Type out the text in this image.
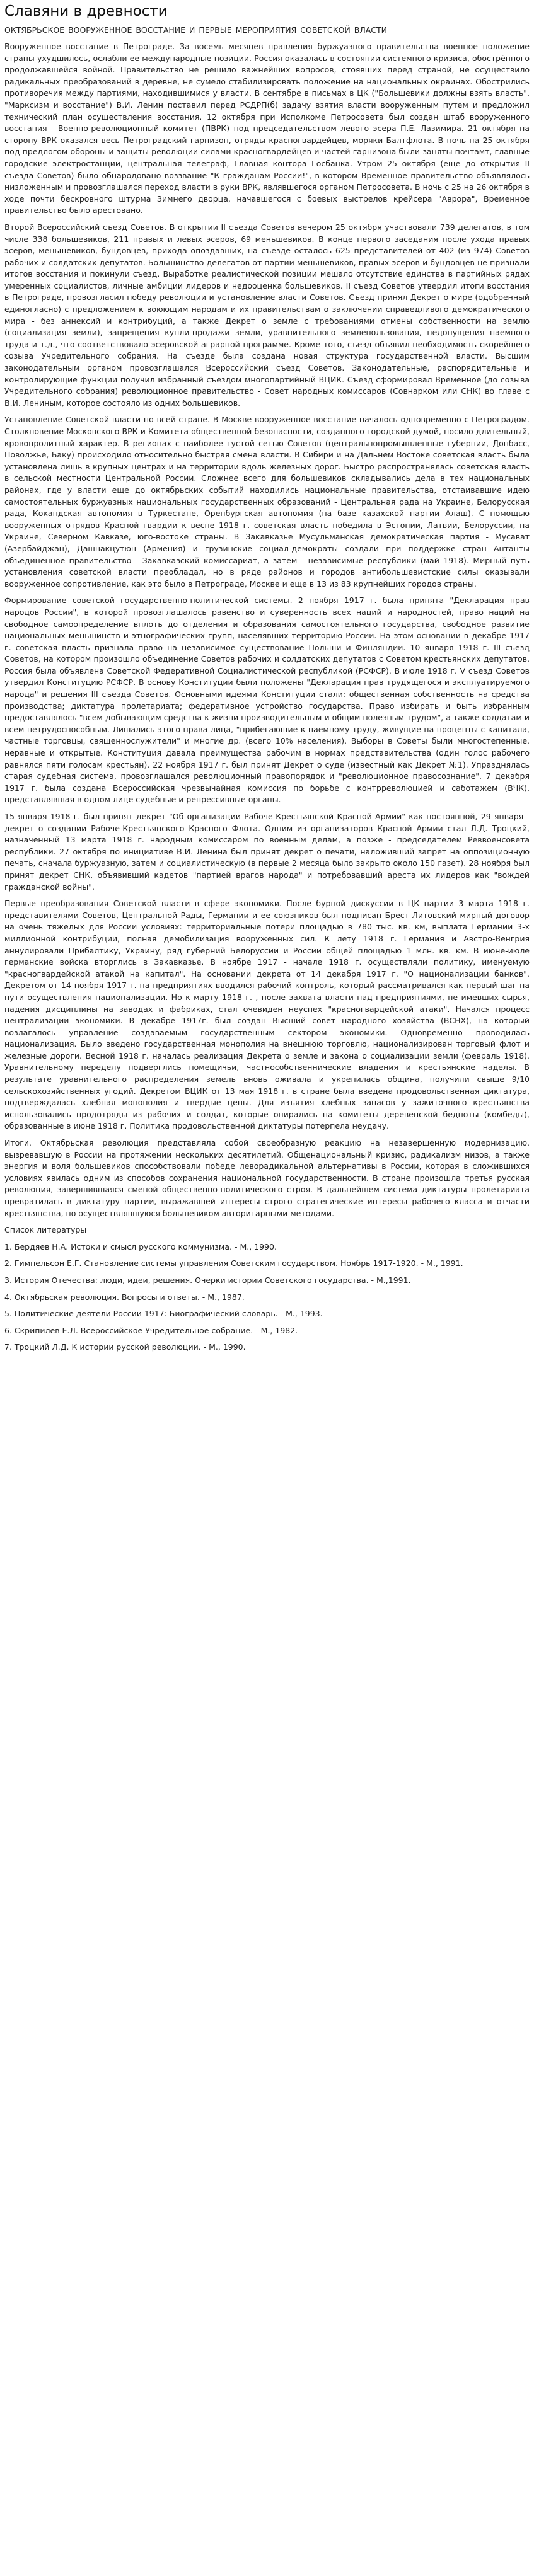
Славяни в древности
ОКТЯБРЬСКОЕ ВООРУЖЕННОЕ ВОССТАНИЕ И ПЕРВЫЕ МЕРОПРИЯТИЯ СОВЕТСКОЙ ВЛАСТИ

Вооруженное восстание в Петрограде. За восемь месяцев правления буржуазного правительства военное положение страны ухудшилось, ослабли ее международные позиции. Россия оказалась в состоянии системного кризиса, обострённого продолжавшейся войной. Правительство не решило важнейших вопросов, стоявших перед страной, не осуществило радикальных преобразований в деревне, не сумело стабилизировать положение на национальных окраинах. Обострились противоречия между партиями, находившимися у власти. В сентябре в письмах в ЦК ("Большевики должны взять власть", "Марксизм и восстание") В.И. Ленин поставил перед РСДРП(б) задачу взятия власти вооруженным путем и предложил технический план осуществления восстания. 12 октября при Исполкоме Петросовета был создан штаб вооруженного восстания - Военно-революционный комитет (ПВРК) под председательством левого эсера П.Е. Лазимира. 21 октября на сторону ВРК оказался весь Петроградский гарнизон, отряды красногвардейцев, моряки Балтфлота. В ночь на 25 октября под предлогом обороны и защиты революции силами красногвардейцев и частей гарнизона были заняты почтамт, главные городские электростанции, центральная телеграф, Главная контора Госбанка. Утром 25 октября (еще до открытия II съезда Советов) было обнародовано воззвание "К гражданам России!", в котором Временное правительство объявлялось низложенным и провозглашался переход власти в руки ВРК, являвшегося органом Петросовета. В ночь с 25 на 26 октября в ходе почти бескровного штурма Зимнего дворца, начавшегося с боевых выстрелов крейсера "Аврора", Временное правительство было арестовано.

Второй Всероссийский съезд Советов. В открытии II съезда Советов вечером 25 октября участвовали 739 делегатов, в том числе 338 большевиков, 211 правых и левых эсеров, 69 меньшевиков. В конце первого заседания после ухода правых эсеров, меньшевиков, бундовцев, прихода опоздавших, на съезде осталось 625 представителей от 402 (из 974) Советов рабочих и солдатских депутатов. Большинство делегатов от партии меньшевиков, правых эсеров и бундовцев не признали итогов восстания и покинули съезд. Выработке реалистической позиции мешало отсутствие единства в партийных рядах умеренных социалистов, личные амбиции лидеров и недооценка большевиков. II съезд Советов утвердил итоги восстания в Петрограде, провозгласил победу революции и установление власти Советов. Съезд принял Декрет о мире (одобренный единогласно) с предложением к воюющим народам и их правительствам о заключении справедливого демократического мира - без аннексий и контрибуций, а также Декрет о земле с требованиями отмены собственности на землю (социализация земли), запрещения купли-продажи земли, уравнительного землепользования, недопущения наемного труда и т.д., что соответствовало эсеровской аграрной программе. Кроме того, съезд объявил необходимость скорейшего созыва Учредительного собрания. На съезде была создана новая структура государственной власти. Высшим законодательным органом провозглашался Всероссийский съезд Советов. Законодательные, распорядительные и контролирующие функции получил избранный съездом многопартийный ВЦИК. Съезд сформировал Временное (до созыва Учредительного собрания) революционное правительство - Совет народных комиссаров (Совнарком или СНК) во главе с В.И. Лениным, которое состояло из одних большевиков.

Установление Советской власти по всей стране. В Москве вооруженное восстание началось одновременно с Петроградом. Столкновение Московского ВРК и Комитета общественной безопасности, созданного городской думой, носило длительный, кровопролитный характер. В регионах с наиболее густой сетью Советов (центральнопромышленные губернии, Донбасс, Поволжье, Баку) происходило относительно быстрая смена власти. В Сибири и на Дальнем Востоке советская власть была установлена лишь в крупных центрах и на территории вдоль железных дорог. Быстро распространялась советская власть в сельской местности Центральной России. Сложнее всего для большевиков складывались дела в тех национальных районах, где у власти еще до октябрьских событий находились национальные правительства, отстаивавшие идею самостоятельных буржуазных национальных государственных образований - Центральная рада на Украине, Белорусская рада, Кокандская автономия в Туркестане, Оренбургская автономия (на базе казахской партии Алаш). С помощью вооруженных отрядов Красной гвардии к весне 1918 г. советская власть победила в Эстонии, Латвии, Белоруссии, на Украине, Северном Кавказе, юго-востоке страны. В Закавказье Мусульманская демократическая партия - Мусават (Азербайджан), Дашнакцутюн (Армения) и грузинские социал-демократы создали при поддержке стран Антанты объединенное правительство - Закавказский комиссариат, а затем - независимые республики (май 1918). Мирный путь установления советской власти преобладал, но в ряде районов и городов антибольшевистские силы оказывали вооруженное сопротивление, как это было в Петрограде, Москве и еще в 13 из 83 крупнейших городов страны.

Формирование советской государственно-политической системы. 2 ноября 1917 г. была принята "Декларация прав народов России", в которой провозглашалось равенство и суверенность всех наций и народностей, право наций на свободное самоопределение вплоть до отделения и образования самостоятельного государства, свободное развитие национальных меньшинств и этнографических групп, населявших территорию России. На этом основании в декабре 1917 г. советская власть признала право на независимое существование Польши и Финляндии. 10 января 1918 г. III съезд Советов, на котором произошло объединение Советов рабочих и солдатских депутатов с Советом крестьянских депутатов, Россия была объявлена Советской Федеративной Социалистической республикой (РСФСР). В июле 1918 г. V съезд Советов утвердил Конституцию РСФСР. В основу Конституции были положены "Декларация прав трудящегося и эксплуатируемого народа" и решения III съезда Советов. Основными идеями Конституции стали: общественная собственность на средства производства; диктатура пролетариата; федеративное устройство государства. Право избирать и быть избранным предоставлялось "всем добывающим средства к жизни производительным и общим полезным трудом", а также солдатам и всем нетрудоспособным. Лишались этого права лица, "прибегающие к наемному труду, живущие на проценты с капитала, частные торговцы, священнослужители" и многие др. (всего 10% населения). Выборы в Советы были многостепенные, неравные и открытые. Конституция давала преимущества рабочим в нормах представительства (один голос рабочего равнялся пяти голосам крестьян). 22 ноября 1917 г. был принят Декрет о суде (известный как Декрет №1). Упразднялась старая судебная система, провозглашался революционный правопорядок и "революционное правосознание". 7 декабря 1917 г. была создана Всероссийская чрезвычайная комиссия по борьбе с контрреволюцией и саботажем (ВЧК), представлявшая в одном лице судебные и репрессивные органы.

15 января 1918 г. был принят декрет "Об организации Рабоче-Крестьянской Красной Армии" как постоянной, 29 января - декрет о создании Рабоче-Крестьянского Красного Флота. Одним из организаторов Красной Армии стал Л.Д. Троцкий, назначенный 13 марта 1918 г. народным комиссаром по военным делам, а позже - председателем Реввоенсовета республики. 27 октября по инициативе В.И. Ленина был принят декрет о печати, наложивший запрет на оппозиционную печать, сначала буржуазную, затем и социалистическую (в первые 2 месяца было закрыто около 150 газет). 28 ноября был принят декрет СНК, объявивший кадетов "партией врагов народа" и потребовавший ареста их лидеров как "вождей гражданской войны".

Первые преобразования Советской власти в сфере экономики. После бурной дискуссии в ЦК партии 3 марта 1918 г. представителями Советов, Центральной Рады, Германии и ее союзников был подписан Брест-Литовский мирный договор на очень тяжелых для России условиях: территориальные потери площадью в 780 тыс. кв. км, выплата Германии 3-х миллионной контрибуции, полная демобилизация вооруженных сил. К лету 1918 г. Германия и Австро-Венгрия аннулировали Прибалтику, Украину, ряд губерний Белоруссии и России общей площадью 1 млн. кв. км. В июне-июле германские войска вторглись в Закавказье. В ноябре 1917 - начале 1918 г. осуществляли политику, именуемую "красногвардейской атакой на капитал". На основании декрета от 14 декабря 1917 г. "О национализации банков". Декретом от 14 ноября 1917 г. на предприятиях вводился рабочий контроль, который рассматривался как первый шаг на пути осуществления национализации. Но к марту 1918 г. , после захвата власти над предприятиями, не имевших сырья, падения дисциплины на заводах и фабриках, стал очевиден неуспех "красногвардейской атаки". Начался процесс централизации экономики. В декабре 1917г. был создан Высший совет народного хозяйства (ВСНХ), на который возлагалось управление создаваемым государственным сектором экономики. Одновременно проводилась национализация. Было введено государственная монополия на внешнюю торговлю, национализирован торговый флот и железные дороги. Весной 1918 г. началась реализация Декрета о земле и закона о социализации земли (февраль 1918). Уравнительному переделу подверглись помещичьи, частнособственнические владения и крестьянские наделы. В результате уравнительного распределения земель вновь оживала и укрепилась община, получили свыше 9/10 сельскохозяйственных угодий. Декретом ВЦИК от 13 мая 1918 г. в стране была введена продовольственная диктатура, подтверждалась хлебная монополия и твердые цены. Для изъятия хлебных запасов у зажиточного крестьянства использовались продотряды из рабочих и солдат, которые опирались на комитеты деревенской бедноты (комбеды), образованные в июне 1918 г. Политика продовольственной диктатуры потерпела неудачу.

Итоги. Октябрьская революция представляла собой своеобразную реакцию на незавершенную модернизацию, вызревавшую в России на протяжении нескольких десятилетий. Общенациональный кризис, радикализм низов, а также энергия и воля большевиков способствовали победе леворадикальной альтернативы в России, которая в сложившихся условиях явилась одним из способов сохранения национальной государственности. В стране произошла третья русская революция, завершившаяся сменой общественно-политического строя. В дальнейшем система диктатуры пролетариата превратилась в диктатуру партии, выражавшей интересы строго стратегические интересы рабочего класса и отчасти крестьянства, но осуществлявшуюся большевиком авторитарными методами.

Список литературы
1. Бердяев Н.А. Истоки и смысл русского коммунизма. - М., 1990.
2. Гимпельсон Е.Г. Становление системы управления Советским государством. Ноябрь 1917-1920. - М., 1991.
3. История Отечества: люди, идеи, решения. Очерки истории Советского государства. - М.,1991.
4. Октябрьская революция. Вопросы и ответы. - М., 1987.
5. Политические деятели России 1917: Биографический словарь. - М., 1993.
6. Скрипилев Е.Л. Всероссийское Учредительное собрание. - М., 1982.
7. Троцкий Л.Д. К истории русской революции. - М., 1990.
